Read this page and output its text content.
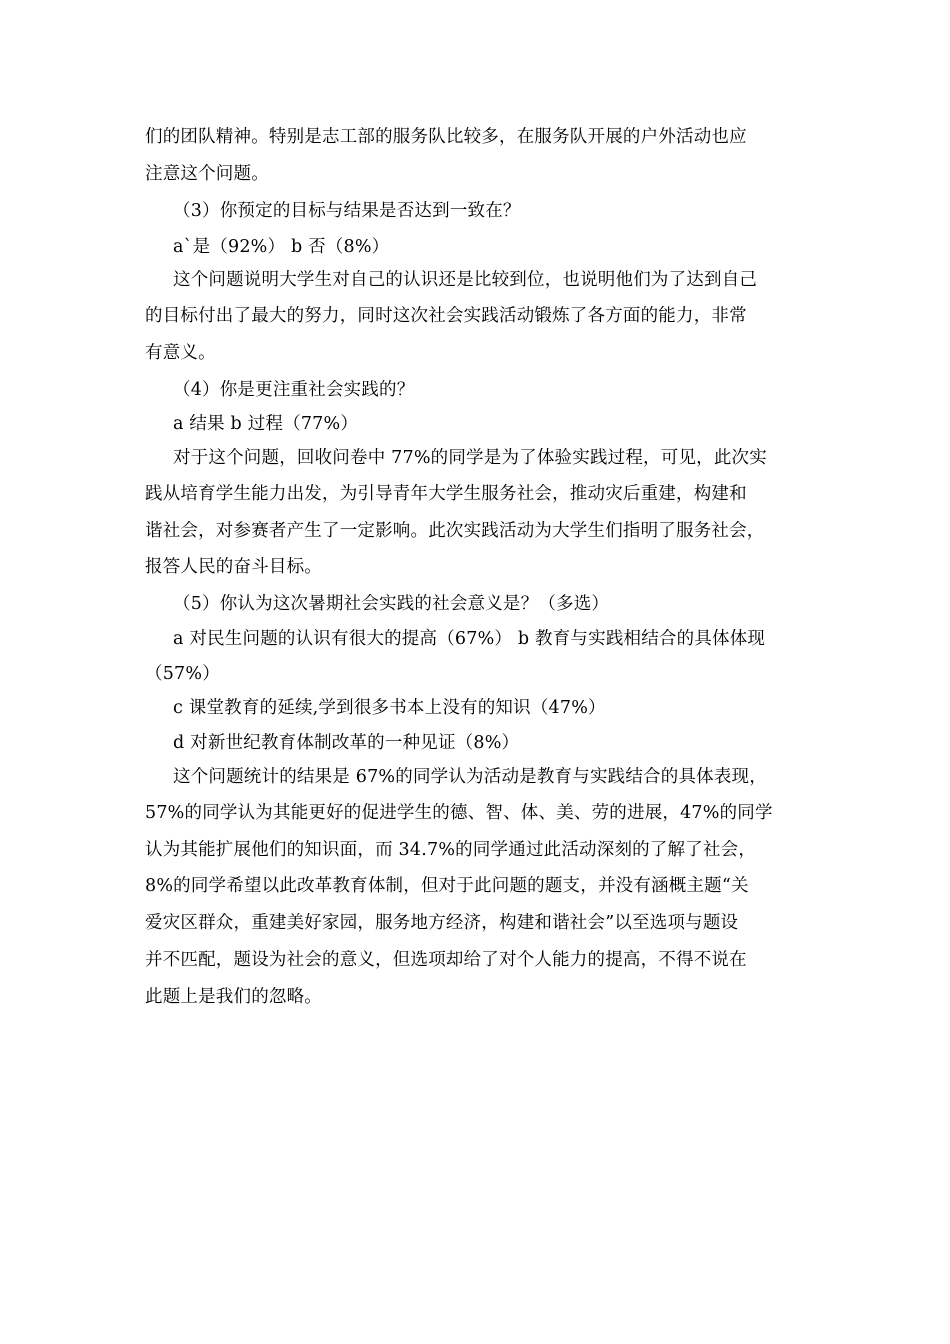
们的团队精神。特别是志工部的服务队比较多，在服务队开展的户外活动也应
注意这个问题。
（3）你预定的目标与结果是否达到一致在？
a`是（92%） b 否（8%）
这个问题说明大学生对自己的认识还是比较到位，也说明他们为了达到自己
的目标付出了最大的努力，同时这次社会实践活动锻炼了各方面的能力，非常
有意义。
（4）你是更注重社会实践的？
a 结果 b 过程（77%）
对于这个问题，回收问卷中 77%的同学是为了体验实践过程，可见，此次实
践从培育学生能力出发，为引导青年大学生服务社会，推动灾后重建，构建和
谐社会，对参赛者产生了一定影响。此次实践活动为大学生们指明了服务社会，
报答人民的奋斗目标。
（5）你认为这次暑期社会实践的社会意义是？（多选）
a 对民生问题的认识有很大的提高（67%） b 教育与实践相结合的具体体现
（57%）
c 课堂教育的延续,学到很多书本上没有的知识（47%）
d 对新世纪教育体制改革的一种见证（8%）
这个问题统计的结果是 67%的同学认为活动是教育与实践结合的具体表现，
57%的同学认为其能更好的促进学生的德、智、体、美、劳的进展，47%的同学
认为其能扩展他们的知识面，而 34.7%的同学通过此活动深刻的了解了社会，
8%的同学希望以此改革教育体制，但对于此问题的题支，并没有涵概主题“关
爱灾区群众，重建美好家园，服务地方经济，构建和谐社会”以至选项与题设
并不匹配，题设为社会的意义，但选项却给了对个人能力的提高，不得不说在
此题上是我们的忽略。
